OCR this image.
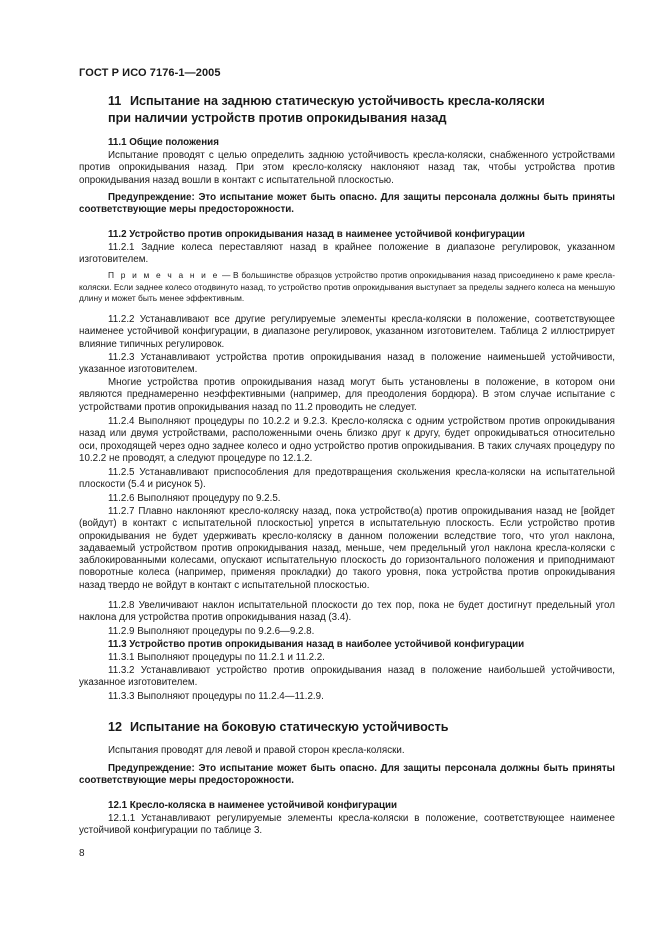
ГОСТ Р ИСО 7176-1—2005
11 Испытание на заднюю статическую устойчивость кресла-коляски
при наличии устройств против опрокидывания назад
11.1 Общие положения
Испытание проводят с целью определить заднюю устойчивость кресла-коляски, снабженного устройствами против опрокидывания назад. При этом кресло-коляску наклоняют назад так, чтобы устройства против опрокидывания назад вошли в контакт с испытательной плоскостью.
Предупреждение: Это испытание может быть опасно. Для защиты персонала должны быть приняты соответствующие меры предосторожности.
11.2 Устройство против опрокидывания назад в наименее устойчивой конфигурации
11.2.1 Задние колеса переставляют назад в крайнее положение в диапазоне регулировок, указанном изготовителем.
П р и м е ч а н и е — В большинстве образцов устройство против опрокидывания назад присоединено к раме кресла-коляски. Если заднее колесо отодвинуто назад, то устройство против опрокидывания выступает за пределы заднего колеса на меньшую длину и может быть менее эффективным.
11.2.2 Устанавливают все другие регулируемые элементы кресла-коляски в положение, соответствующее наименее устойчивой конфигурации, в диапазоне регулировок, указанном изготовителем. Таблица 2 иллюстрирует влияние типичных регулировок.
11.2.3 Устанавливают устройства против опрокидывания назад в положение наименьшей устойчивости, указанное изготовителем.
Многие устройства против опрокидывания назад могут быть установлены в положение, в котором они являются преднамеренно неэффективными (например, для преодоления бордюра). В этом случае испытание с устройствами против опрокидывания назад по 11.2 проводить не следует.
11.2.4 Выполняют процедуры по 10.2.2 и 9.2.3. Кресло-коляска с одним устройством против опрокидывания назад или двумя устройствами, расположенными очень близко друг к другу, будет опрокидываться относительно оси, проходящей через одно заднее колесо и одно устройство против опрокидывания. В таких случаях процедуру по 10.2.2 не проводят, а следуют процедуре по 12.1.2.
11.2.5 Устанавливают приспособления для предотвращения скольжения кресла-коляски на испытательной плоскости (5.4 и рисунок 5).
11.2.6 Выполняют процедуру по 9.2.5.
11.2.7 Плавно наклоняют кресло-коляску назад, пока устройство(а) против опрокидывания назад не [войдет (войдут) в контакт с испытательной плоскостью] упрется в испытательную плоскость. Если устройство против опрокидывания не будет удерживать кресло-коляску в данном положении вследствие того, что угол наклона, задаваемый устройством против опрокидывания назад, меньше, чем предельный угол наклона кресла-коляски с заблокированными колесами, опускают испытательную плоскость до горизонтального положения и приподнимают поворотные колеса (например, применяя прокладки) до такого уровня, пока устройства против опрокидывания назад твердо не войдут в контакт с испытательной плоскостью.
11.2.8 Увеличивают наклон испытательной плоскости до тех пор, пока не будет достигнут предельный угол наклона для устройства против опрокидывания назад (3.4).
11.2.9 Выполняют процедуры по 9.2.6—9.2.8.
11.3 Устройство против опрокидывания назад в наиболее устойчивой конфигурации
11.3.1 Выполняют процедуры по 11.2.1 и 11.2.2.
11.3.2 Устанавливают устройство против опрокидывания назад в положение наибольшей устойчивости, указанное изготовителем.
11.3.3 Выполняют процедуры по 11.2.4—11.2.9.
12 Испытание на боковую статическую устойчивость
Испытания проводят для левой и правой сторон кресла-коляски.
Предупреждение: Это испытание может быть опасно. Для защиты персонала должны быть приняты соответствующие меры предосторожности.
12.1 Кресло-коляска в наименее устойчивой конфигурации
12.1.1 Устанавливают регулируемые элементы кресла-коляски в положение, соответствующее наименее устойчивой конфигурации по таблице 3.
8
